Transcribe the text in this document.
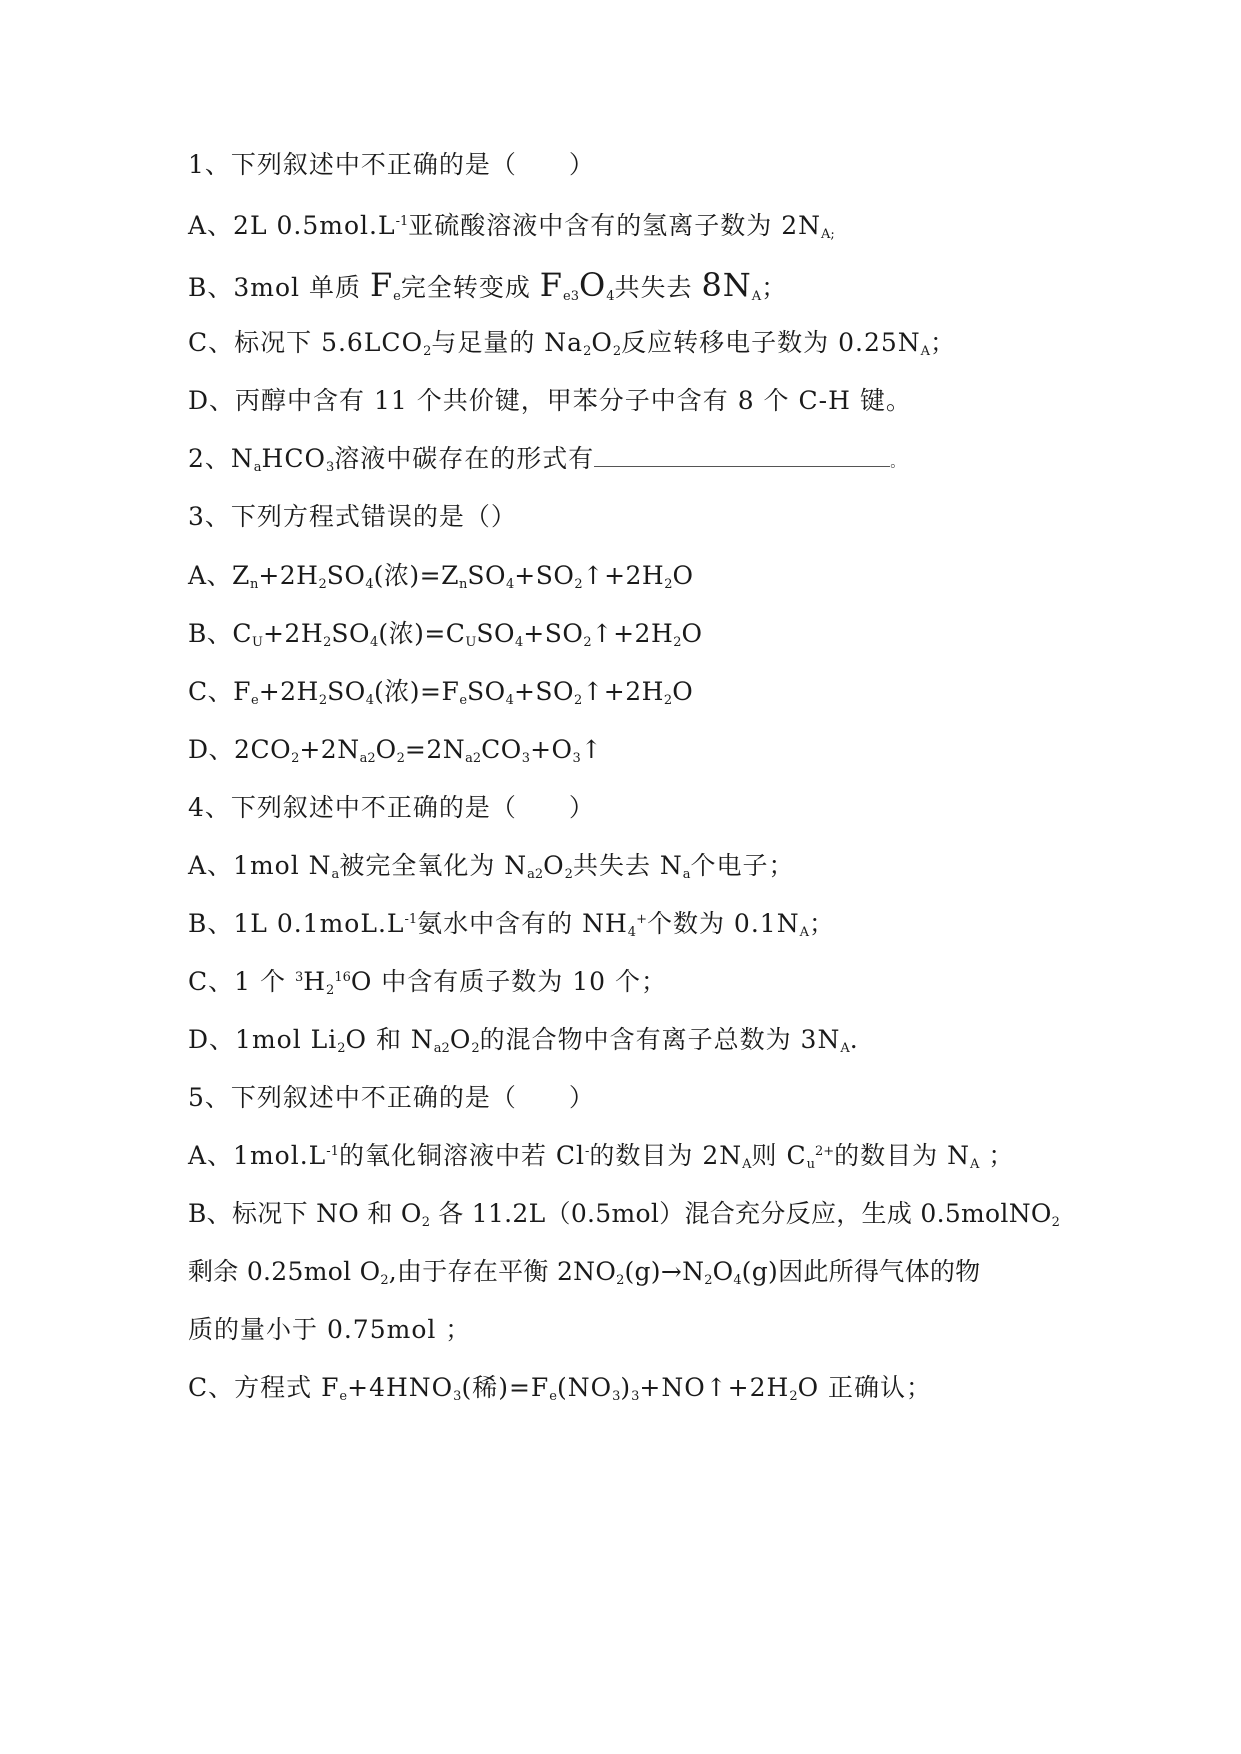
1、下列叙述中不正确的是（　　）
A、2L $0.5mol.L^{-1}$亚硫酸溶液中含有的氢离子数为 $2N_{A;}$
B、3mol 单质 $F_e$完全转变成 $F_{e3}O_4$共失去 $8N_A$；
C、标况下 $5.6LCO_2$与足量的 $Na_2O_2$反应转移电子数为 $0.25N_A$；
D、丙醇中含有 11 个共价键，甲苯分子中含有 8 个 C-H 键。
2、$N_aHCO_3$溶液中碳存在的形式有	。
3、下列方程式错误的是（）
A、$Z_n+2H_2SO_4$(浓)$=Z_nSO_4+SO_2↑+2H_2O$
B、$C_U+2H_2SO_4$(浓)$=C_USO_4+SO_2↑+2H_2O$
C、$F_e+2H_2SO_4$(浓)$=F_eSO_4+SO_2↑+2H_2O$
D、$2CO_2+2N_{a2}O_2=2N_{a2}CO_3+O_3↑$
4、下列叙述中不正确的是（　　）
A、1mol $N_a$被完全氧化为 $N_{a2}O_2$共失去 $N_a$个电子；
B、1L $0.1moL.L^{-1}$氨水中含有的 $NH_4^+$个数为 $0.1N_A$；
C、1 个 $^3H_2^{16}O$ 中含有质子数为 10 个；
D、1mol $Li_2O$ 和 $N_{a2}O_2$的混合物中含有离子总数为 $3N_A$.
5、下列叙述中不正确的是（　　）
A、$1mol.L^{-1}$的氧化铜溶液中若 Cl-的数目为 $2N_A$则 $C_u^{2+}$的数目为 $N_A$ ；
B、标况下 NO 和 $O_2$ 各 11.2L（0.5mol）混合充分反应，生成 0.5molNO$_2$
剩余 0.25mol $O_2$,由于存在平衡 $2NO_2(g)\to N_2O_4(g)$因此所得气体的物
质的量小于 0.75mol ；
C、方程式 $F_e+4HNO_3$(稀)$=F_e(NO_3)_3+NO↑+2H_2O$ 正确认；
